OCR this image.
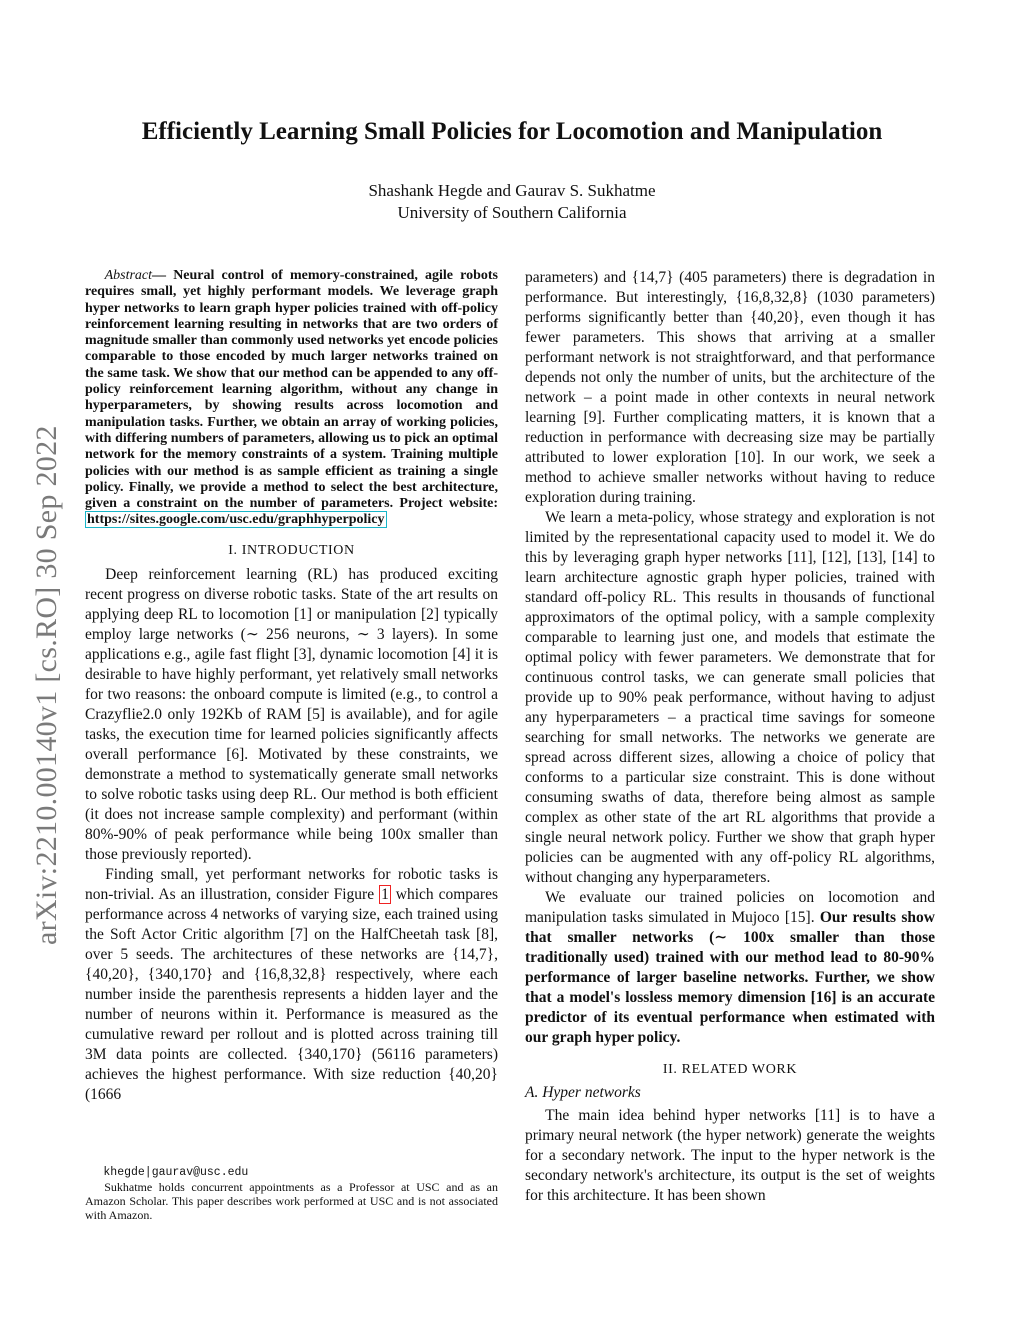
arXiv:2210.00140v1 [cs.RO] 30 Sep 2022
Efficiently Learning Small Policies for Locomotion and Manipulation
Shashank Hegde and Gaurav S. Sukhatme
University of Southern California

Abstract— Neural control of memory-constrained, agile robots requires small, yet highly performant models. We leverage graph hyper networks to learn graph hyper policies trained with off-policy reinforcement learning resulting in networks that are two orders of magnitude smaller than commonly used networks yet encode policies comparable to those encoded by much larger networks trained on the same task. We show that our method can be appended to any off-policy reinforcement learning algorithm, without any change in hyperparameters, by showing results across locomotion and manipulation tasks. Further, we obtain an array of working policies, with differing numbers of parameters, allowing us to pick an optimal network for the memory constraints of a system. Training multiple policies with our method is as sample efficient as training a single policy. Finally, we provide a method to select the best architecture, given a constraint on the number of parameters. Project website: https://sites.google.com/usc.edu/graphhyperpolicy

I. INTRODUCTION

Deep reinforcement learning (RL) has produced exciting recent progress on diverse robotic tasks. State of the art results on applying deep RL to locomotion [1] or manipulation [2] typically employ large networks (∼ 256 neurons, ∼ 3 layers). In some applications e.g., agile fast flight [3], dynamic locomotion [4] it is desirable to have highly performant, yet relatively small networks for two reasons: the onboard compute is limited (e.g., to control a Crazyflie2.0 only 192Kb of RAM [5] is available), and for agile tasks, the execution time for learned policies significantly affects overall performance [6]. Motivated by these constraints, we demonstrate a method to systematically generate small networks to solve robotic tasks using deep RL. Our method is both efficient (it does not increase sample complexity) and performant (within 80%-90% of peak performance while being 100x smaller than those previously reported).

Finding small, yet performant networks for robotic tasks is non-trivial. As an illustration, consider Figure 1 which compares performance across 4 networks of varying size, each trained using the Soft Actor Critic algorithm [7] on the HalfCheetah task [8], over 5 seeds. The architectures of these networks are {14,7}, {40,20}, {340,170} and {16,8,32,8} respectively, where each number inside the parenthesis represents a hidden layer and the number of neurons within it. Performance is measured as the cumulative reward per rollout and is plotted across training till 3M data points are collected. {340,170} (56116 parameters) achieves the highest performance. With size reduction {40,20} (1666

khegde|gaurav@usc.edu
Sukhatme holds concurrent appointments as a Professor at USC and as an Amazon Scholar. This paper describes work performed at USC and is not associated with Amazon.

parameters) and {14,7} (405 parameters) there is degradation in performance. But interestingly, {16,8,32,8} (1030 parameters) performs significantly better than {40,20}, even though it has fewer parameters. This shows that arriving at a smaller performant network is not straightforward, and that performance depends not only the number of units, but the architecture of the network – a point made in other contexts in neural network learning [9]. Further complicating matters, it is known that a reduction in performance with decreasing size may be partially attributed to lower exploration [10]. In our work, we seek a method to achieve smaller networks without having to reduce exploration during training.

We learn a meta-policy, whose strategy and exploration is not limited by the representational capacity used to model it. We do this by leveraging graph hyper networks [11], [12], [13], [14] to learn architecture agnostic graph hyper policies, trained with standard off-policy RL. This results in thousands of functional approximators of the optimal policy, with a sample complexity comparable to learning just one, and models that estimate the optimal policy with fewer parameters. We demonstrate that for continuous control tasks, we can generate small policies that provide up to 90% peak performance, without having to adjust any hyperparameters – a practical time savings for someone searching for small networks. The networks we generate are spread across different sizes, allowing a choice of policy that conforms to a particular size constraint. This is done without consuming swaths of data, therefore being almost as sample complex as other state of the art RL algorithms that provide a single neural network policy. Further we show that graph hyper policies can be augmented with any off-policy RL algorithms, without changing any hyperparameters.

We evaluate our trained policies on locomotion and manipulation tasks simulated in Mujoco [15]. Our results show that smaller networks (∼ 100x smaller than those traditionally used) trained with our method lead to 80-90% performance of larger baseline networks. Further, we show that a model's lossless memory dimension [16] is an accurate predictor of its eventual performance when estimated with our graph hyper policy.

II. RELATED WORK
A. Hyper networks

The main idea behind hyper networks [11] is to have a primary neural network (the hyper network) generate the weights for a secondary network. The input to the hyper network is the secondary network's architecture, its output is the set of weights for this architecture. It has been shown
